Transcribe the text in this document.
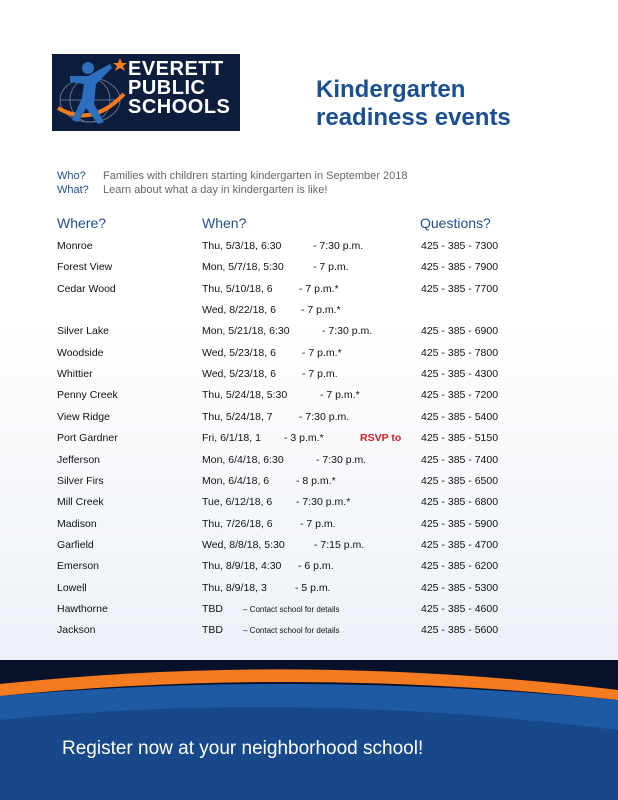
EVERETT
PUBLIC
SCHOOLS
Kindergarten
readiness events
Who? Families with children starting kindergarten in September 2018
What? Learn about what a day in kindergarten is like!
Where?	When?	Questions?
Monroe	Thu, 5/3/18, 6:30	- 7:30 p.m.	425 - 385 - 7300
Forest View	Mon, 5/7/18, 5:30	- 7 p.m.	425 - 385 - 7900
Cedar Wood	Thu, 5/10/18, 6	- 7 p.m.*	425 - 385 - 7700
Wed, 8/22/18, 6 - 7 p.m.*
Silver Lake	Mon, 5/21/18, 6:30	- 7:30 p.m.	425 - 385 - 6900
Woodside	Wed, 5/23/18, 6 - 7 p.m.*	425 - 385 - 7800
Whittier	Wed, 5/23/18, 6 - 7 p.m.	425 - 385 - 4300
Penny Creek	Thu, 5/24/18, 5:30	- 7 p.m.*	425 - 385 - 7200
View Ridge	Thu, 5/24/18, 7	- 7:30 p.m.	425 - 385 - 5400
Port Gardner	Fri, 6/1/18, 1 - 3 p.m.*	RSVP to 425 - 385 - 5150
Jefferson	Mon, 6/4/18, 6:30	- 7:30 p.m.	425 - 385 - 7400
Silver Firs	Mon, 6/4/18, 6	- 8 p.m.*	425 - 385 - 6500
Mill Creek	Tue, 6/12/18, 6 - 7:30 p.m.*	425 - 385 - 6800
Madison	Thu, 7/26/18, 6	- 7 p.m.	425 - 385 - 5900
Garfield	Wed, 8/8/18, 5:30	- 7:15 p.m.	425 - 385 - 4700
Emerson	Thu, 8/9/18, 4:30 - 6 p.m.	425 - 385 - 6200
Lowell	Thu, 8/9/18, 3	- 5 p.m.	425 - 385 - 5300
Hawthorne	TBD	– Contact school for details	425 - 385 - 4600
Jackson	TBD	– Contact school for details	425 - 385 - 5600
Register now at your neighborhood school!
